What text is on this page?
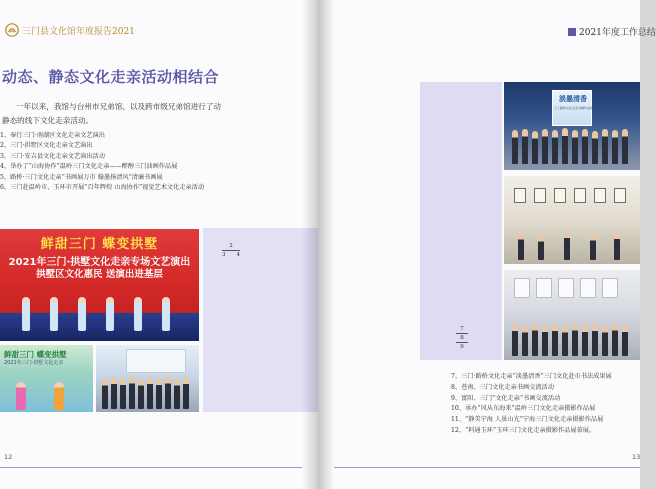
三门县文化馆年度报告2021
动态、静态文化走亲活动相结合

一年以来，我馆与台州市兄弟馆、以及跨市级兄弟馆进行了动静态的线下文化走亲活动。

1、奉行三门·南湖区文化走亲文艺演出
2、三门·拱墅区文化走亲文艺演出
3、三门·安吉县文化走亲文艺演出活动
4、举办了“山海协作”温岭三门文化走亲——醉醇三门油画作品展
5、路桥·三门文化走亲“书画展万市 翰墨扬清风”清廉书画展
6、三门赴温岭市、玉环市开展“百年辉煌 山海协作”视觉艺术文化走亲活动
鲜甜三门 蝶变拱墅
2021年三门·拱墅文化走亲专场文艺演出
拱墅区文化惠民 送演出进基层
鲜甜三门 蝶变拱墅
2021年三门·拱墅文化走亲
2
3 4
12
2021年度工作总结
7
8
9
淡墨清香
三门·路桥文化走亲书画作品展
7、三门·路桥文化走亲“淡墨清香”三门文化赴市书法成果展
8、苍南、三门文化走亲书画交流活动
9、富阳、三门“文化走亲”书画交流活动
10、承办“风从东海来”温岭三门文化走亲摄影作品展
11、“静美宁海 人景山光”宁海三门文化走亲摄影作品展
12、“料通玉环”玉环三门文化走亲摄影作品展慕展。
13
